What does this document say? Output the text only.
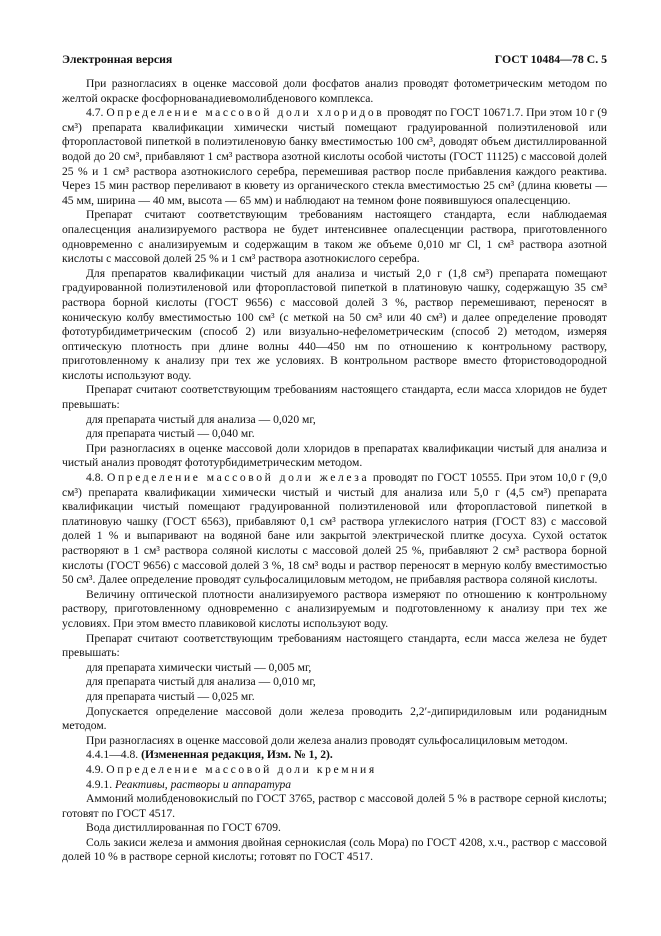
Электронная версия	ГОСТ 10484—78 С. 5

При разногласиях в оценке массовой доли фосфатов анализ проводят фотометрическим методом по желтой окраске фосфорнованадиевомолибденового комплекса.

4.7. Определение массовой доли хлоридов проводят по ГОСТ 10671.7. При этом 10 г (9 см³) препарата квалификации химически чистый помещают градуированной полиэтиленовой или фторопластовой пипеткой в полиэтиленовую банку вместимостью 100 см³, доводят объем дистиллированной водой до 20 см³, прибавляют 1 см³ раствора азотной кислоты особой чистоты (ГОСТ 11125) с массовой долей 25 % и 1 см³ раствора азотнокислого серебра, перемешивая раствор после прибавления каждого реактива. Через 15 мин раствор переливают в кювету из органического стекла вместимостью 25 см³ (длина кюветы — 45 мм, ширина — 40 мм, высота — 65 мм) и наблюдают на темном фоне появившуюся опалесценцию.

Препарат считают соответствующим требованиям настоящего стандарта, если наблюдаемая опалесценция анализируемого раствора не будет интенсивнее опалесценции раствора, приготовленного одновременно с анализируемым и содержащим в таком же объеме 0,010 мг Cl, 1 см³ раствора азотной кислоты с массовой долей 25 % и 1 см³ раствора азотнокислого серебра.

Для препаратов квалификации чистый для анализа и чистый 2,0 г (1,8 см³) препарата помещают градуированной полиэтиленовой или фторопластовой пипеткой в платиновую чашку, содержащую 35 см³ раствора борной кислоты (ГОСТ 9656) с массовой долей 3 %, раствор перемешивают, переносят в коническую колбу вместимостью 100 см³ (с меткой на 50 см³ или 40 см³) и далее определение проводят фототурбидиметрическим (способ 2) или визуально-нефелометрическим (способ 2) методом, измеряя оптическую плотность при длине волны 440—450 нм по отношению к контрольному раствору, приготовленному к анализу при тех же условиях. В контрольном растворе вместо фтористоводородной кислоты используют воду.

Препарат считают соответствующим требованиям настоящего стандарта, если масса хлоридов не будет превышать:

для препарата чистый для анализа — 0,020 мг,

для препарата чистый — 0,040 мг.

При разногласиях в оценке массовой доли хлоридов в препаратах квалификации чистый для анализа и чистый анализ проводят фототурбидиметрическим методом.

4.8. Определение массовой доли железа проводят по ГОСТ 10555. При этом 10,0 г (9,0 см³) препарата квалификации химически чистый и чистый для анализа или 5,0 г (4,5 см³) препарата квалификации чистый помещают градуированной полиэтиленовой или фторопластовой пипеткой в платиновую чашку (ГОСТ 6563), прибавляют 0,1 см³ раствора углекислого натрия (ГОСТ 83) с массовой долей 1 % и выпаривают на водяной бане или закрытой электрической плитке досуха. Сухой остаток растворяют в 1 см³ раствора соляной кислоты с массовой долей 25 %, прибавляют 2 см³ раствора борной кислоты (ГОСТ 9656) с массовой долей 3 %, 18 см³ воды и раствор переносят в мерную колбу вместимостью 50 см³. Далее определение проводят сульфосалициловым методом, не прибавляя раствора соляной кислоты.

Величину оптической плотности анализируемого раствора измеряют по отношению к контрольному раствору, приготовленному одновременно с анализируемым и подготовленному к анализу при тех же условиях. При этом вместо плавиковой кислоты используют воду.

Препарат считают соответствующим требованиям настоящего стандарта, если масса железа не будет превышать:

для препарата химически чистый — 0,005 мг,

для препарата чистый для анализа — 0,010 мг,

для препарата чистый — 0,025 мг.

Допускается определение массовой доли железа проводить 2,2′-дипиридиловым или роданидным методом.

При разногласиях в оценке массовой доли железа анализ проводят сульфосалициловым методом.

4.4.1—4.8. (Измененная редакция, Изм. № 1, 2).

4.9. Определение массовой доли кремния

4.9.1. Реактивы, растворы и аппаратура

Аммоний молибденовокислый по ГОСТ 3765, раствор с массовой долей 5 % в растворе серной кислоты; готовят по ГОСТ 4517.

Вода дистиллированная по ГОСТ 6709.

Соль закиси железа и аммония двойная сернокислая (соль Мора) по ГОСТ 4208, х.ч., раствор с массовой долей 10 % в растворе серной кислоты; готовят по ГОСТ 4517.
